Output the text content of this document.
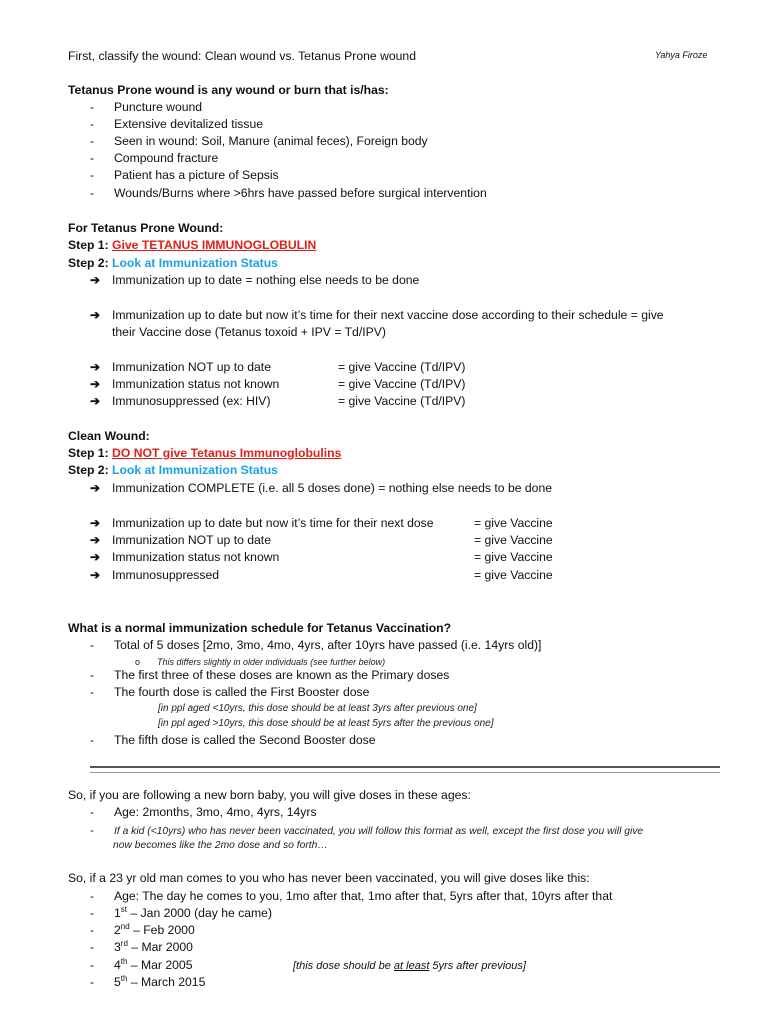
First, classify the wound: Clean wound vs. Tetanus Prone wound	Yahya Firoze
Tetanus Prone wound is any wound or burn that is/has:
- Puncture wound
- Extensive devitalized tissue
- Seen in wound: Soil, Manure (animal feces), Foreign body
- Compound fracture
- Patient has a picture of Sepsis
- Wounds/Burns where >6hrs have passed before surgical intervention
For Tetanus Prone Wound:
Step 1: Give TETANUS IMMUNOGLOBULIN
Step 2: Look at Immunization Status
➔ Immunization up to date = nothing else needs to be done
➔ Immunization up to date but now it’s time for their next vaccine dose according to their schedule = give
their Vaccine dose (Tetanus toxoid + IPV = Td/IPV)
➔ Immunization NOT up to date	= give Vaccine (Td/IPV)
➔ Immunization status not known	= give Vaccine (Td/IPV)
➔ Immunosuppressed (ex: HIV)	= give Vaccine (Td/IPV)
Clean Wound:
Step 1: DO NOT give Tetanus Immunoglobulins
Step 2: Look at Immunization Status
➔ Immunization COMPLETE (i.e. all 5 doses done) = nothing else needs to be done
➔ Immunization up to date but now it’s time for their next dose	= give Vaccine
➔ Immunization NOT up to date	= give Vaccine
➔ Immunization status not known	= give Vaccine
➔ Immunosuppressed	= give Vaccine
What is a normal immunization schedule for Tetanus Vaccination?
- Total of 5 doses [2mo, 3mo, 4mo, 4yrs, after 10yrs have passed (i.e. 14yrs old)]
o This differs slightly in older individuals (see further below)
- The first three of these doses are known as the Primary doses
- The fourth dose is called the First Booster dose
[in ppl aged <10yrs, this dose should be at least 3yrs after previous one]
[in ppl aged >10yrs, this dose should be at least 5yrs after the previous one]
- The fifth dose is called the Second Booster dose
So, if you are following a new born baby, you will give doses in these ages:
- Age: 2months, 3mo, 4mo, 4yrs, 14yrs
- If a kid (<10yrs) who has never been vaccinated, you will follow this format as well, except the first dose you will give
now becomes like the 2mo dose and so forth…
So, if a 23 yr old man comes to you who has never been vaccinated, you will give doses like this:
- Age: The day he comes to you, 1mo after that, 1mo after that, 5yrs after that, 10yrs after that
- 1st – Jan 2000 (day he came)
- 2nd – Feb 2000
- 3rd – Mar 2000
- 4th – Mar 2005	[this dose should be at least 5yrs after previous]
- 5th – March 2015
